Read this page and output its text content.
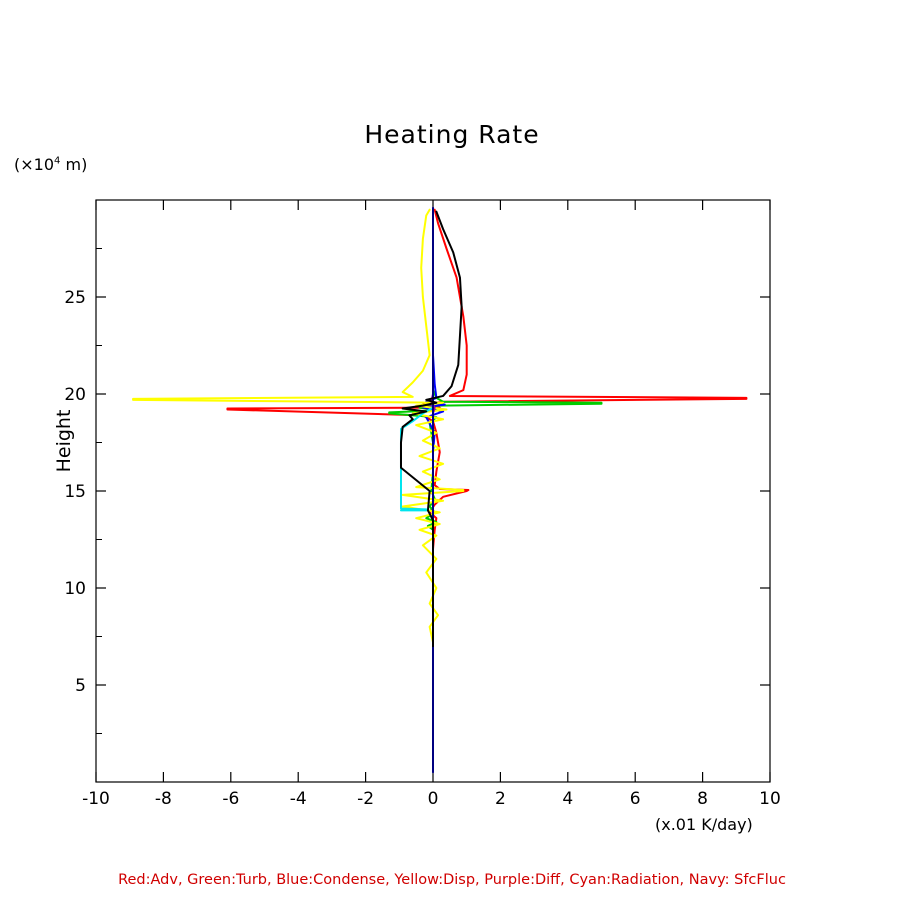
Heating Rate
($\times 10^4$ m)
Height
(x.01 K/day)
-10	-8	-6	-4	-2	0	2	4	6	8	10
5
10
15
20
25
Red:Adv, Green:Turb, Blue:Condense, Yellow:Disp, Purple:Diff, Cyan:Radiation, Navy: SfcFluc
